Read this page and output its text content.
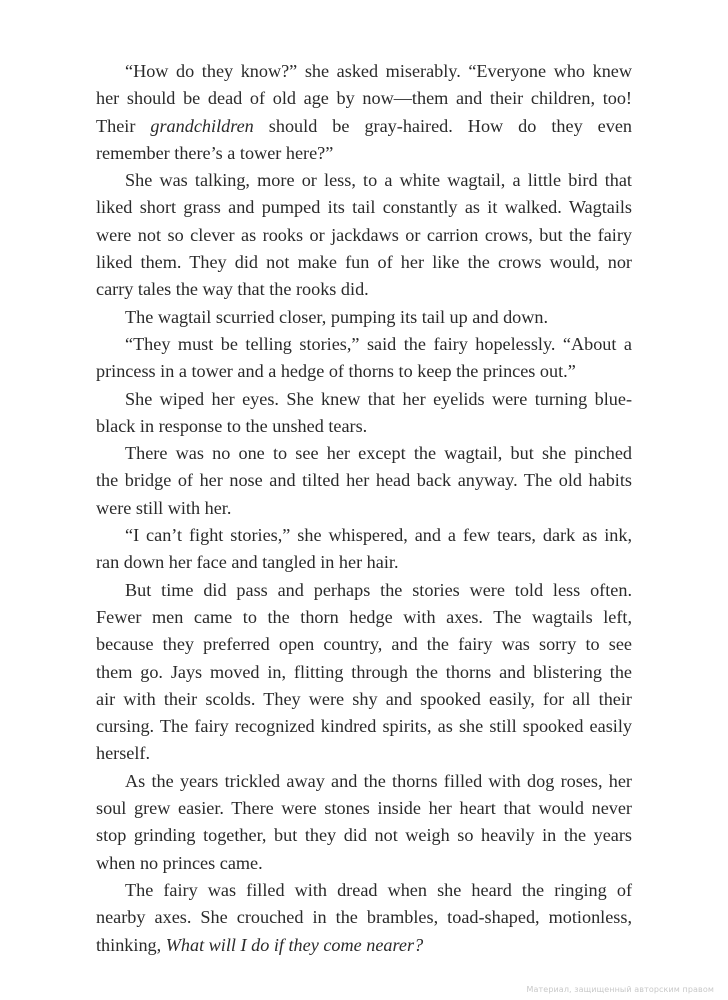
“How do they know?” she asked miserably. “Everyone who knew
her should be dead of old age by now—them and their children, too!
Their grandchildren should be gray-haired. How do they even
remember there’s a tower here?”
She was talking, more or less, to a white wagtail, a little bird that
liked short grass and pumped its tail constantly as it walked. Wagtails
were not so clever as rooks or jackdaws or carrion crows, but the fairy
liked them. They did not make fun of her like the crows would, nor
carry tales the way that the rooks did.
The wagtail scurried closer, pumping its tail up and down.
“They must be telling stories,” said the fairy hopelessly. “About a
princess in a tower and a hedge of thorns to keep the princes out.”
She wiped her eyes. She knew that her eyelids were turning blue-
black in response to the unshed tears.
There was no one to see her except the wagtail, but she pinched
the bridge of her nose and tilted her head back anyway. The old habits
were still with her.
“I can’t fight stories,” she whispered, and a few tears, dark as ink,
ran down her face and tangled in her hair.
But time did pass and perhaps the stories were told less often.
Fewer men came to the thorn hedge with axes. The wagtails left,
because they preferred open country, and the fairy was sorry to see
them go. Jays moved in, flitting through the thorns and blistering the
air with their scolds. They were shy and spooked easily, for all their
cursing. The fairy recognized kindred spirits, as she still spooked easily
herself.
As the years trickled away and the thorns filled with dog roses, her
soul grew easier. There were stones inside her heart that would never
stop grinding together, but they did not weigh so heavily in the years
when no princes came.
The fairy was filled with dread when she heard the ringing of
nearby axes. She crouched in the brambles, toad-shaped, motionless,
thinking, What will I do if they come nearer?
Материал, защищенный авторским правом
